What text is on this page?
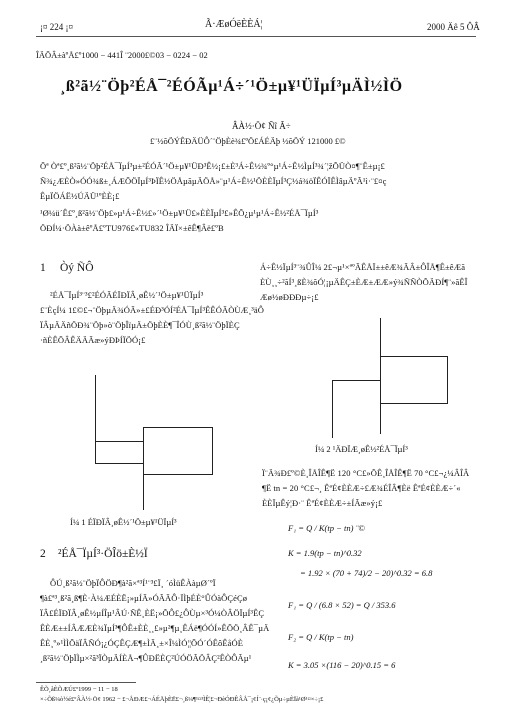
¡¤ 224 ¡¤	Ã·ÆøÓëÈÈÁ¦	2000 Äê 5 ÔÂ
ÎÄÕÂ±àºÅ£º1000 − 441Î ¨2000£©03 − 0224 − 02
¸ß²ã½¨Öþ²ÉÅ¯²ÉÓÃµ¹Á÷´¹Ö±µ¥¹ÜÏµÍ³µÄÌ½ÌÖ
ÂÀ½·Ö¢ Ñî Ã÷
£¨½õÖÝÊÐÄÜÔ´¨ÖþÈè¾£ºÖ£ÁÉÄþ ½õÖÝ 121000 £©
Õª Òª£º¸ß²ã½¨Öþ²ÉÅ¯ÏµÍ³µ±²ÉÓÃ´¹Ö±µ¥¹ÜÐ³Ê½¡£±È³Á÷Ê½¾º°µ¹Á÷Ê½ÌµÍ³¾´¦žÕÜÒ¤¶¨Ê±µ¡£
Ñ¾¿ÆÈÒ»ÓÓ¾ß±¸ÁÆÕÖÏµÍ³ÞÏÊ½ÖÅµãµÄÖÅ»¨µ¹Á÷Ê½¹ÖÈÈÏµÍ³Ç½á¾öÏÊÓÏÊÌâµÄºÃ¹ì·¨£¤ç
ÊµÏÖÁË½ÚÄÜ¹ºÈÈ¡£
¹Ø¼ü´Ê£º¸ß²ã½¨Öþ£»µ¹Á÷Ê½£»´¹Ö±µ¥¹Ü£»ÈÈÏµÍ³£»ÊÕ¿µ¹µ¹Á÷Ê½²ÉÅ¯ÏµÍ³
ÖÐÍ¼·ÖÀà±êºÅ£ºTU976£«TU832 ÎÄÏ×±êÊ¶Âë£ºB
1 Òý ÑÔ
²ÉÅ¯ÏµÍ³¨³£²ÉÓÃÉÏÐÏÂ¸øÊ½´¹Ö±µ¥¹ÜÏµÍ³
£¨ÈçÍ¼ 1£©£¬¨ÖþµÄ¾ÓÃ»±£ÉÐ³ÓÍ²ÉÅ¯ÏµÍ³ÊÊÓÃÒÙÆ¸³äÔ
ÏÂµÄÄñÖÐ¾¨Öþ»ò¨ÖþÎïµÄ±ÖþÈÈ¶¯ÎÓÙ¸ß²ã½¨ÖþÏÈÇ
·ñÈÊÕÂÊÄÄÃæ»ýÐÞÍÏÖÓ¡£
Í¼ 1 ÉÏÐÏÂ¸øÊ½´¹Ö±µ¥¹ÜÏµÍ³
2 ²ÉÅ¯ÏµÍ³·ÖÎö±È½Ï
ÔÚ¸ß²ã½¨ÖþÏÔÖÐ¶à²ã×ª³Í¹¨³£Ï¸ ´óÌüÊÀàµØ´ºÏ
¶à£ª³¸ß²ã¸ß¶È·À¼ÆÉÈË¡»µÍÃ»ÓÃÃÔ·ÏÌþÉÈ°ÛÓàÔÇéÇø
ÏÂ£ÉÏÐÏÂ¸øÊ½µÍÎµ¹ÂÚ·ÑÊ¸ÈË¡»ÕÔ£¿ÔÙµ×³Ó¼ÒÂÖÏµÍ³ÊÇ
ÊÈÆ±±ÍÂÆÆÈ¾ÏµÍ³¶ÔÊ±ÈÈ¸¸£»µ²¶µ¸ÊÁë¶ÓÓÍ»ÊÕÖ¸ÂÊ¯µÄ
ÊÈ¸º»¹ÌÌÕäÏÂÑÓ¡¿ÓÇÊÇÆ¶±ÌÃ¸±×Î¼ÌÓ¦¦ÕÓ´ÓÊôÊåÓÈ
¸ß²ã½¨ÖþÏÌµ×²ã³ÏÒµÄÍÈÅ¬¶ÛÐËÈÇ²ÚÓÖÃÖÂÇ²ÊÒÔÃµ¹
Á÷Ê½ÏµÍ³¨¾ÛÎ¼ 2£¬µ¹×ªºÃÊÅÏ±±êÆ¾ÃÂ±ÔÎÅ¶Ê±êÆã
ÈÙ¸¸÷²ãÍ³¸ßÈ¾õÓ¦¡µÄÊÇ±ÈÆ±ÆÆ»ý¾ÑÑÒÕÄÐÍ¶¨»ãÊÎ
Æø½øÐÐÐµ÷¡£
Í¼ 2 ¹ÄÐÏÆ¸øÊ½²ÉÅ¯ÏµÍ³
Ï¨Ä¾Ð£º©È¸ÎÅÎÊ¶Ë 120 °C£»ÕÊ¸ÎÅÎÊ¶Ë 70 °C£¬¿¼ÂÎÂ
¶Ë tn = 20 °C£¬¸ ÊªÉ¢ÈÈÆ÷£Æ¾ÉÎÂ¶Èë ÊªÉ¢ÈÈÆ÷´«
ÈÈÏµÊý¦Ð·¨ ÊªÉ¢ÈÈÆ÷±ÍÃæ»ý¡£
F₁ = Q / K(tp − tn) ¨©
K = 1.9(tp − tn)^0.32
= 1.92 × (70 + 74)/2 − 20)^0.32 = 6.8
F₁ = Q / (6.8 × 52) = Q / 353.6
F₂ = Q / K(tp − tn)
K = 3.05 ×(116 − 20)^0.15 = 6
ÊÕ¸åÈÕÆÚ£º1999 − 11 − 18
×÷Õß¼ò½é£ºÂÀ½·Ö¢ 1962 − £¬ÅÐÆ£¬ÁÉÄþÈË£¬¸ß¼¶¹¤³ÌÊ¦£¬ÐèÓÐÊÂÅ¯¡¢Í¨·ç¡¢¿Õµ÷µÈÏà¹Ø¹¤×÷¡£
